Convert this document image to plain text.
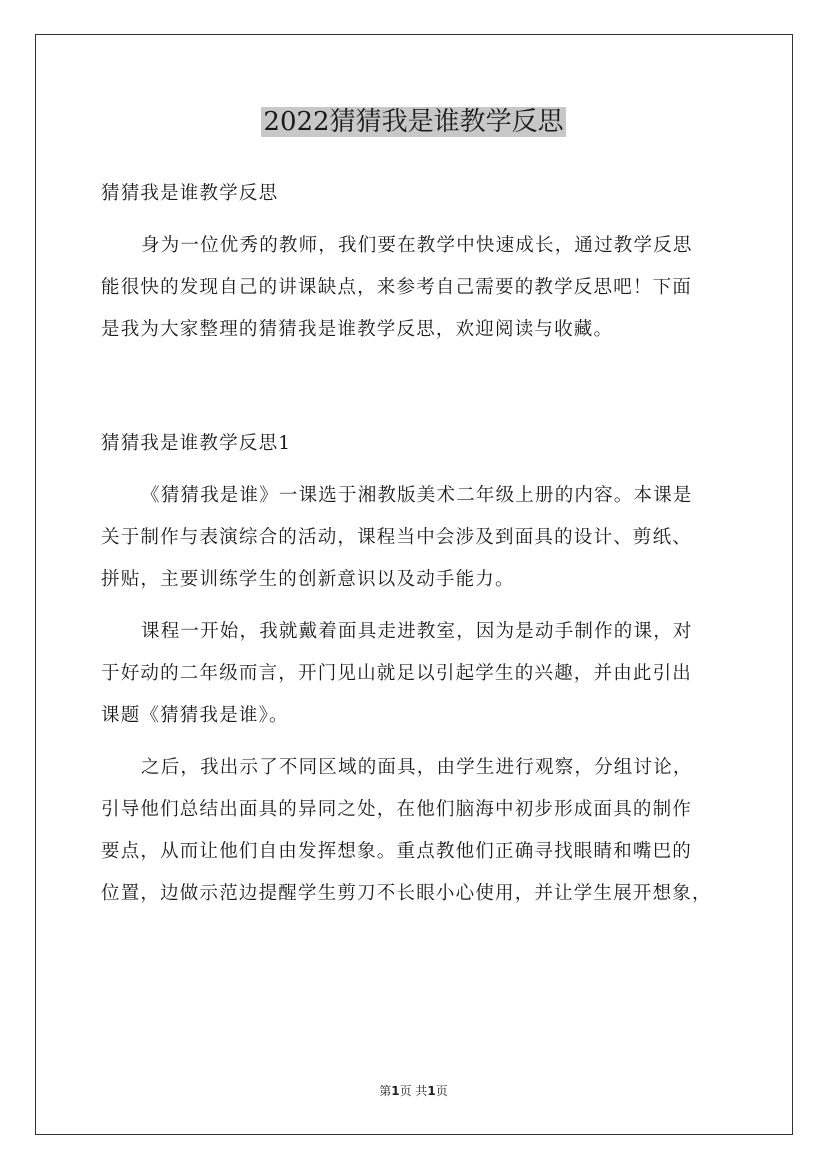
2022猜猜我是谁教学反思
猜猜我是谁教学反思
身为一位优秀的教师，我们要在教学中快速成长，通过教学反思
能很快的发现自己的讲课缺点，来参考自己需要的教学反思吧！下面
是我为大家整理的猜猜我是谁教学反思，欢迎阅读与收藏。
猜猜我是谁教学反思1
《猜猜我是谁》一课选于湘教版美术二年级上册的内容。本课是
关于制作与表演综合的活动，课程当中会涉及到面具的设计、剪纸、
拼贴，主要训练学生的创新意识以及动手能力。
课程一开始，我就戴着面具走进教室，因为是动手制作的课，对
于好动的二年级而言，开门见山就足以引起学生的兴趣，并由此引出
课题《猜猜我是谁》。
之后，我出示了不同区域的面具，由学生进行观察，分组讨论，
引导他们总结出面具的异同之处，在他们脑海中初步形成面具的制作
要点，从而让他们自由发挥想象。重点教他们正确寻找眼睛和嘴巴的
位置，边做示范边提醒学生剪刀不长眼小心使用，并让学生展开想象，
第1页 共1页
